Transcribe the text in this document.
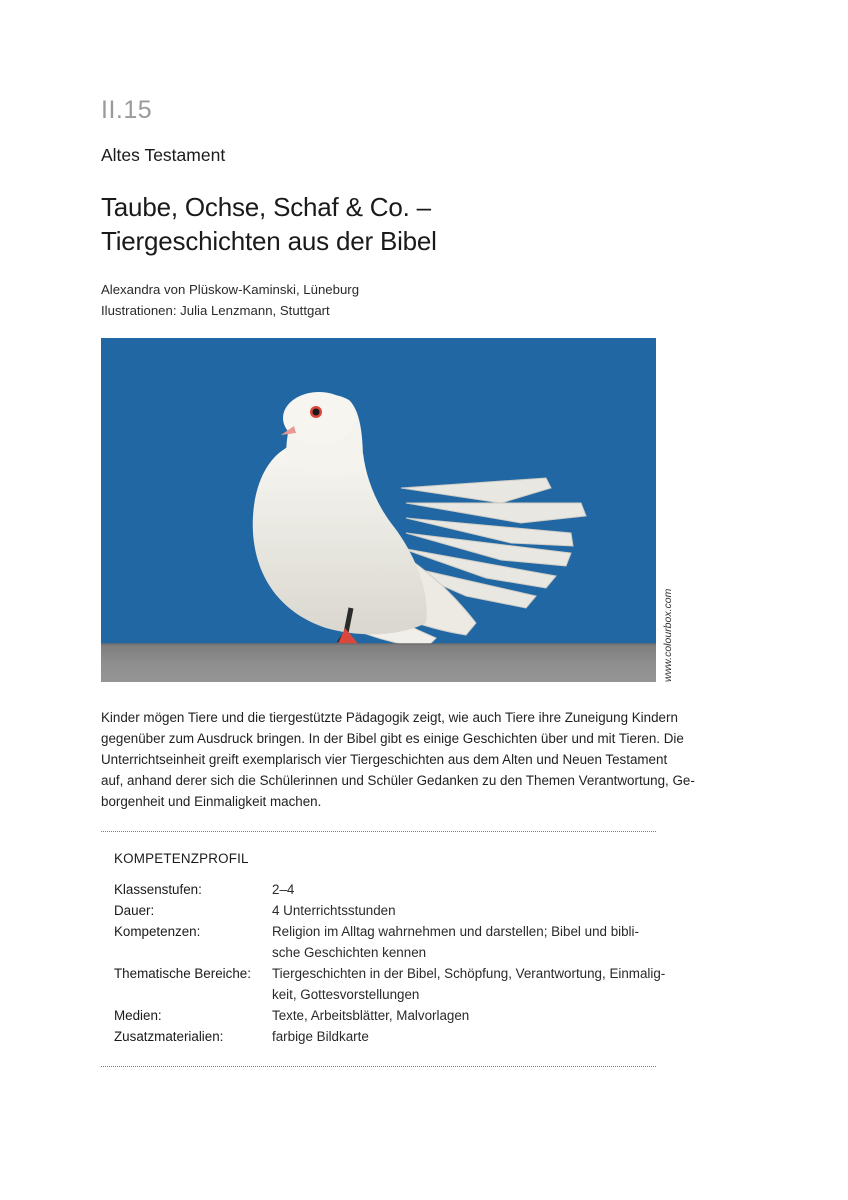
II.15
Altes Testament
Taube, Ochse, Schaf & Co. –
Tiergeschichten aus der Bibel
Alexandra von Plüskow-Kaminski, Lüneburg
Ilustrationen: Julia Lenzmann, Stuttgart
www.colourbox.com
Kinder mögen Tiere und die tiergestützte Pädagogik zeigt, wie auch Tiere ihre Zuneigung Kindern
gegenüber zum Ausdruck bringen. In der Bibel gibt es einige Geschichten über und mit Tieren. Die
Unterrichtseinheit greift exemplarisch vier Tiergeschichten aus dem Alten und Neuen Testament
auf, anhand derer sich die Schülerinnen und Schüler Gedanken zu den Themen Verantwortung, Ge-
borgenheit und Einmaligkeit machen.
KOMPETENZPROFIL
Klassenstufen:	2–4
Dauer:	4 Unterrichtsstunden
Kompetenzen:	Religion im Alltag wahrnehmen und darstellen; Bibel und bibli-
sche Geschichten kennen
Thematische Bereiche:	Tiergeschichten in der Bibel, Schöpfung, Verantwortung, Einmalig-
keit, Gottesvorstellungen
Medien:	Texte, Arbeitsblätter, Malvorlagen
Zusatzmaterialien:	farbige Bildkarte
